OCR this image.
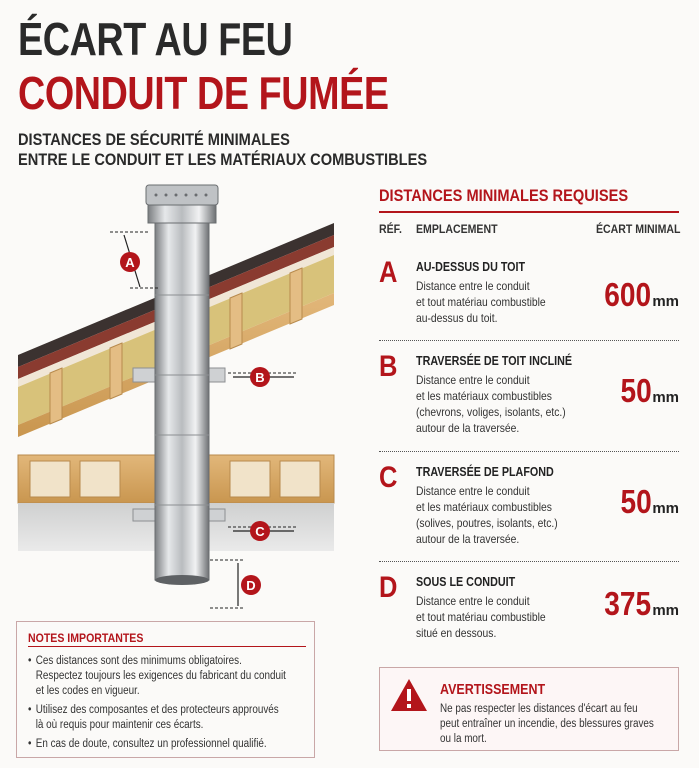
ÉCART AU FEU
CONDUIT DE FUMÉE
DISTANCES DE SÉCURITÉ MINIMALES
ENTRE LE CONDUIT ET LES MATÉRIAUX COMBUSTIBLES
A
B
C
D
DISTANCES MINIMALES REQUISES
RÉF. EMPLACEMENT	ÉCART MINIMAL
A AU-DESSUS DU TOIT
Distance entre le conduit
et tout matériau combustible
au-dessus du toit.
600mm
B TRAVERSÉE DE TOIT INCLINÉ
Distance entre le conduit
et les matériaux combustibles
(chevrons, voliges, isolants, etc.)
autour de la traversée.
50mm
C TRAVERSÉE DE PLAFOND
Distance entre le conduit
et les matériaux combustibles
(solives, poutres, isolants, etc.)
autour de la traversée.
50mm
D SOUS LE CONDUIT
Distance entre le conduit
et tout matériau combustible
situé en dessous.
375mm
NOTES IMPORTANTES
• Ces distances sont des minimums obligatoires.
Respectez toujours les exigences du fabricant du conduit
et les codes en vigueur.
• Utilisez des composantes et des protecteurs approuvés
là où requis pour maintenir ces écarts.
• En cas de doute, consultez un professionnel qualifié.
AVERTISSEMENT
Ne pas respecter les distances d'écart au feu
peut entraîner un incendie, des blessures graves
ou la mort.
